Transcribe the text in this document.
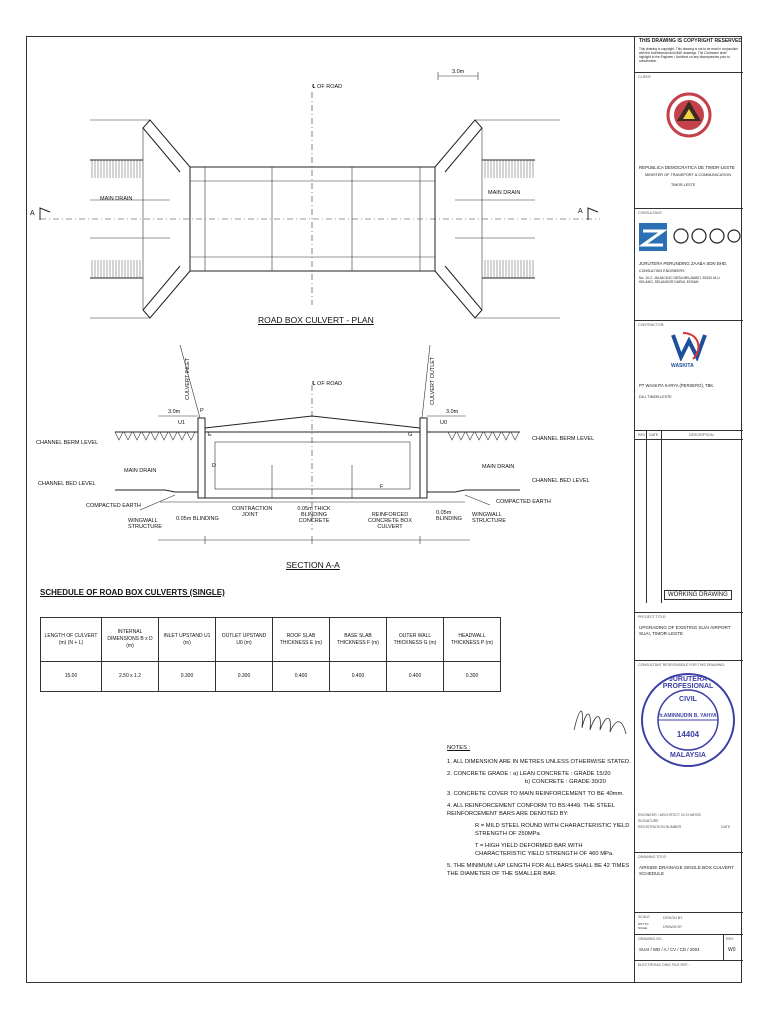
℄ OF ROAD
3.0m
MAIN DRAIN
MAIN DRAIN
A	A
ROAD BOX CULVERT - PLAN
CULVERT INLET	CULVERT OUTLET
℄ OF ROAD
3.0m	3.0m
CHANNEL BERM LEVEL
CHANNEL BERM LEVEL
MAIN DRAIN
MAIN DRAIN
CHANNEL BED LEVEL	CHANNEL BED LEVEL
COMPACTED EARTH
COMPACTED EARTH
WINGWALL STRUCTURE
0.05m BLINDING
CONTRACTION JOINT
0.05m THICK BLINDING CONCRETE
REINFORCED CONCRETE BOX CULVERT
0.05m BLINDING
WINGWALL STRUCTURE
E
D
G
F
P
U1	U0
SECTION A-A
SCHEDULE OF ROAD BOX CULVERTS (SINGLE)
LENGTH OF CULVERT (m) (N + L)	INTERNAL DIMENSIONS B x D (m)	INLET UPSTAND U1 (m)	OUTLET UPSTAND U0 (m)	ROOF SLAB THICKNESS E (m)	BASE SLAB THICKNESS F (m)	OUTER WALL THICKNESS G (m)	HEADWALL THICKNESS P (m)
15.00	2.50 x 1.2	0.300	0.300	0.400	0.400	0.400	0.300

NOTES :

1. ALL DIMENSION ARE IN METRES UNLESS OTHERWISE STATED.

2. CONCRETE GRADE : a) LEAN CONCRETE : GRADE 15/20

b) CONCRETE : GRADE 30/20

3. CONCRETE COVER TO MAIN REINFORCEMENT TO BE 40mm.

4. ALL REINFORCEMENT CONFORM TO BS:4449. THE STEEL REINFORCEMENT BARS ARE DENOTED BY:

R = MILD STEEL ROUND WITH CHARACTERISTIC YIELD STRENGTH OF 250MPa

T = HIGH YIELD DEFORMED BAR WITH CHARACTERISTIC YIELD STRENGTH OF 460 MPa.

5. THE MINIMUM LAP LENGTH FOR ALL BARS SHALL BE 42 TIMES THE DIAMETER OF THE SMALLER BAR.

THIS DRAWING IS COPYRIGHT RESERVED
This drawing is copyright. This drawing is not to be read in conjunction with the Architectural and M&E drawings. The Contractor shall highlight to the Engineer / Architect on any discrepancies prior to construction.
CLIENT:
REPUBLICA DEMOCRATICA DE TIMOR-LESTE
MINISTER OF TRANSPORT & COMMUNICATION
TIMOR-LESTE
CONSULTANT:
JURUTERA PERUNDING ZAABA SDN BHD.
CONSULTING ENGINEERS
No. 10-2, JALAN 3/4C DESA MELAWATI, 53100 ULU KELANG, SELANGOR DARUL EHSAN
CONTRACTOR:
WASKITA
PT WASKITA KARYA (PERSERO), TBK.
DILI, TIMOR-LESTE
REV DATE	DESCRIPTION
PROJECT TITLE:
UPGRADING OF EXISTING SUAI AIRPORT SUAI, TIMOR-LESTE
CONSULTANT RESPONSIBLE FOR THIS DRAWING:
ENGINEER / ARCHITECT IN CHARGE
SIGNATURE
REGISTRATION NUMBER	DATE
DRAWING TITLE:
AIRSIDE DRAINAGE SINGLE BOX CULVERT SCHEDULE
SCALE
NOT TO SCALE
DESIGN BY
DRAWN BY
DRAWING NO.
SUAI / WD / A / CV / CD / 2004
REV
W0
ELECTRONIC DWG FILE REF:
WORKING DRAWING
JURUTERA PROFESIONAL
CIVIL
Ir.AMINNUDIN B. YAHYA
14404
MALAYSIA
